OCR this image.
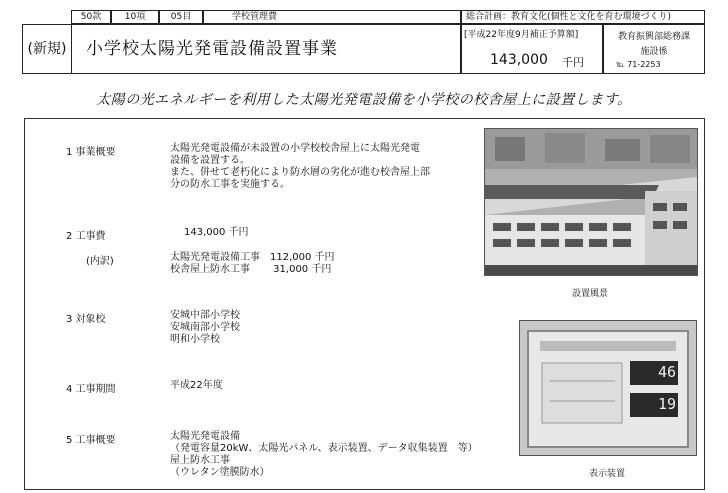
50款	10項	05目	学校管理費	総合計画：教育文化(個性と文化を育む環境づくり)
(新規)	小学校太陽光発電設備設置事業
[平成22年度9月補正予算額]
143,000 千円
教育振興部総務課
施設係
℡ 71-2253
太陽の光エネルギーを利用した太陽光発電設備を小学校の校舎屋上に設置します。
1 事業概要	太陽光発電設備が未設置の小学校校舎屋上に太陽光発電
設備を設置する。
また、併せて老朽化により防水層の劣化が進む校舎屋上部
分の防水工事を実施する。
2 工事費	143,000 千円
(内訳)	太陽光発電設備工事　112,000 千円
校舎屋上防水工事　　 31,000 千円
3 対象校	安城中部小学校
安城南部小学校
明和小学校
4 工事期間	平成22年度
5 工事概要	太陽光発電設備
（発電容量20kW、太陽光パネル、表示装置、データ収集装置　等）
屋上防水工事
（ウレタン塗膜防水）
設置風景
46
19
表示装置
